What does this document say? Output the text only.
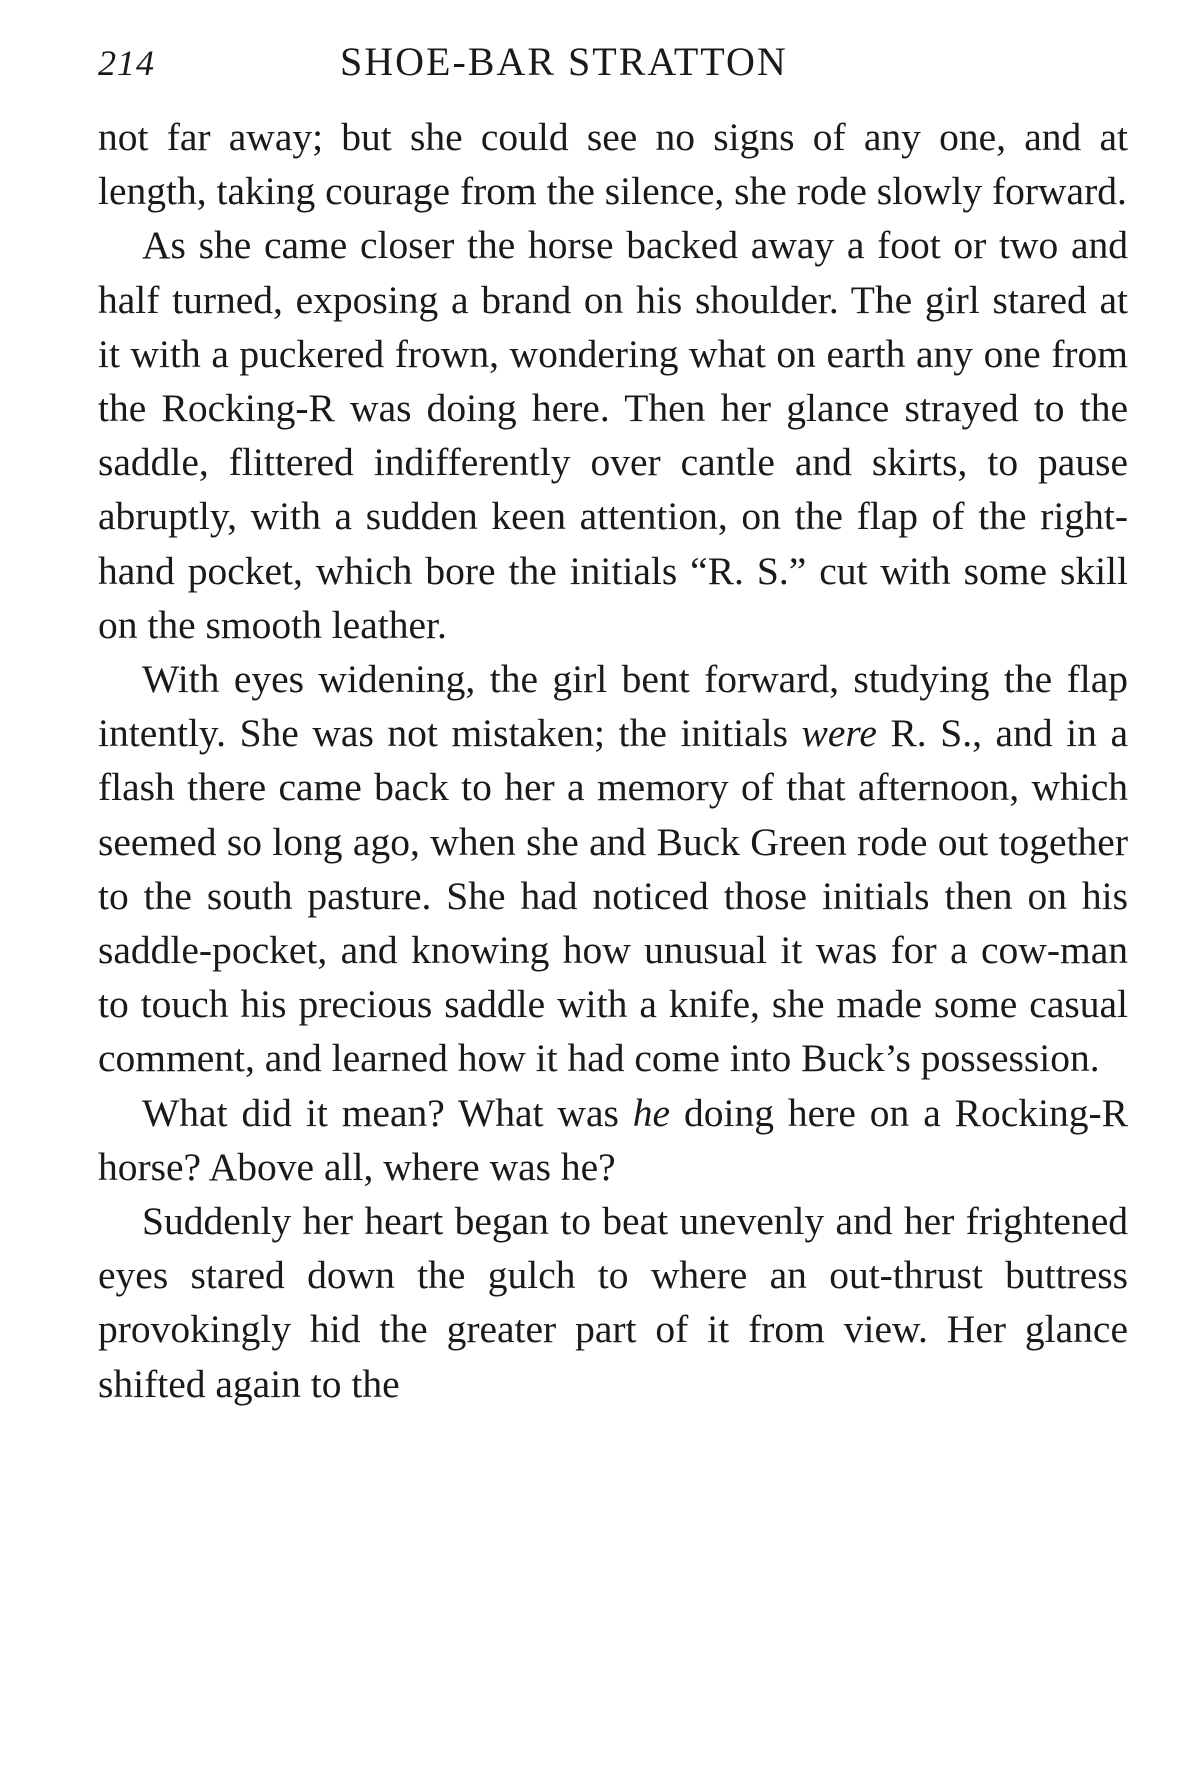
214	SHOE-BAR STRATTON

not far away; but she could see no signs of any one, and at length, taking courage from the silence, she rode slowly forward.

As she came closer the horse backed away a foot or two and half turned, exposing a brand on his shoulder. The girl stared at it with a puckered frown, wondering what on earth any one from the Rocking-R was doing here. Then her glance strayed to the saddle, flittered indifferently over cantle and skirts, to pause abruptly, with a sudden keen attention, on the flap of the right-hand pocket, which bore the initials “R. S.” cut with some skill on the smooth leather.

With eyes widening, the girl bent forward, studying the flap intently. She was not mistaken; the initials were R. S., and in a flash there came back to her a memory of that afternoon, which seemed so long ago, when she and Buck Green rode out together to the south pasture. She had noticed those initials then on his saddle-pocket, and knowing how unusual it was for a cow-man to touch his precious saddle with a knife, she made some casual comment, and learned how it had come into Buck’s possession.

What did it mean? What was he doing here on a Rocking-R horse? Above all, where was he?

Suddenly her heart began to beat unevenly and her frightened eyes stared down the gulch to where an out-thrust buttress provokingly hid the greater part of it from view. Her glance shifted again to the
